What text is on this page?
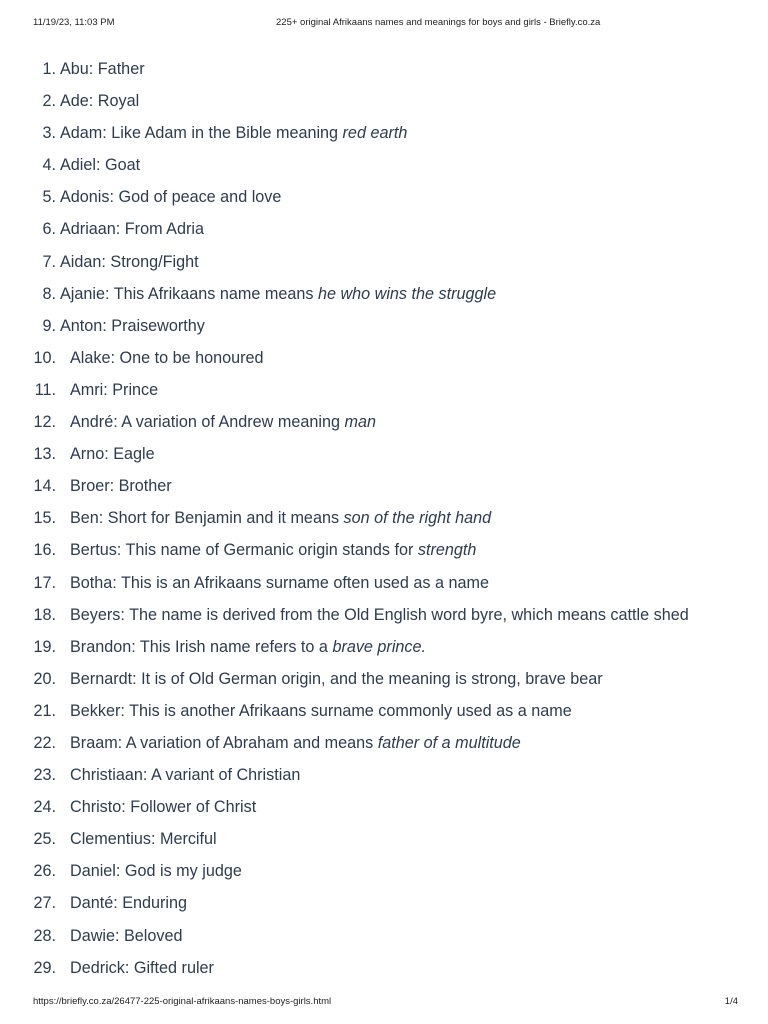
11/19/23, 11:03 PM	225+ original Afrikaans names and meanings for boys and girls - Briefly.co.za
1. Abu: Father
2. Ade: Royal
3. Adam: Like Adam in the Bible meaning red earth
4. Adiel: Goat
5. Adonis: God of peace and love
6. Adriaan: From Adria
7. Aidan: Strong/Fight
8. Ajanie: This Afrikaans name means he who wins the struggle
9. Anton: Praiseworthy
10. Alake: One to be honoured
11. Amri: Prince
12. André: A variation of Andrew meaning man
13. Arno: Eagle
14. Broer: Brother
15. Ben: Short for Benjamin and it means son of the right hand
16. Bertus: This name of Germanic origin stands for strength
17. Botha: This is an Afrikaans surname often used as a name
18. Beyers: The name is derived from the Old English word byre, which means cattle shed
19. Brandon: This Irish name refers to a brave prince.
20. Bernardt: It is of Old German origin, and the meaning is strong, brave bear
21. Bekker: This is another Afrikaans surname commonly used as a name
22. Braam: A variation of Abraham and means father of a multitude
23. Christiaan: A variant of Christian
24. Christo: Follower of Christ
25. Clementius: Merciful
26. Daniel: God is my judge
27. Danté: Enduring
28. Dawie: Beloved
29. Dedrick: Gifted ruler
https://briefly.co.za/26477-225-original-afrikaans-names-boys-girls.html	1/4
